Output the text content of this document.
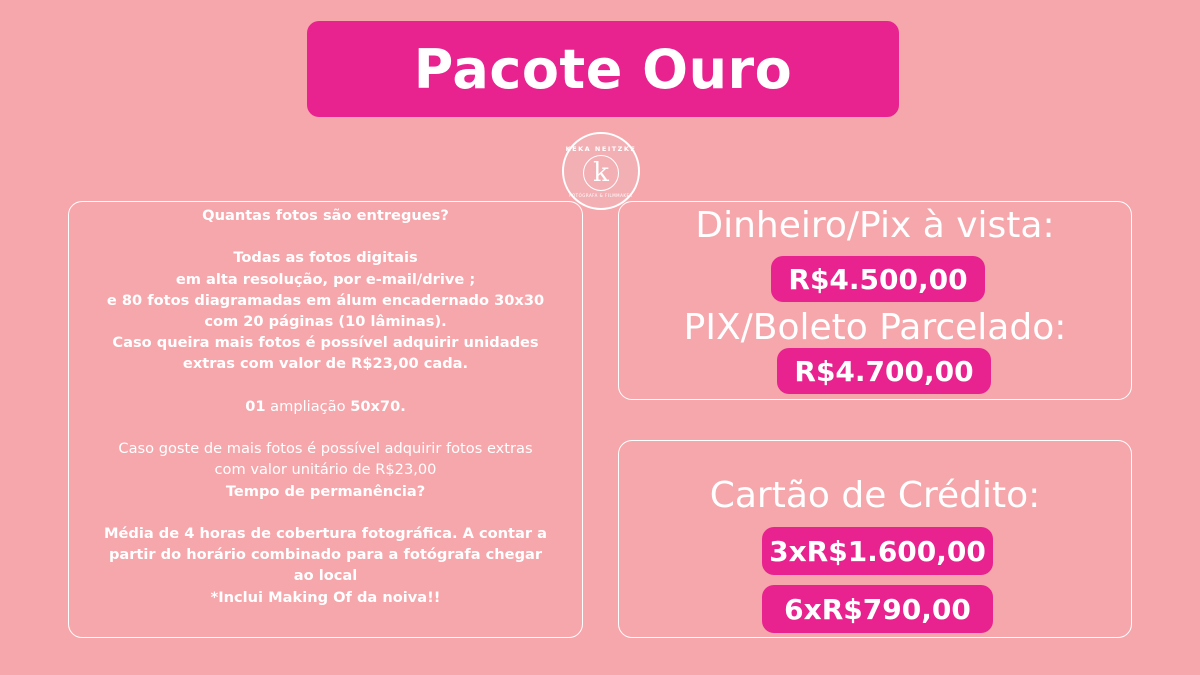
Pacote Ouro
KEKA NEITZKE
k
FOTÓGRAFA & FILMMAKER

Quantas fotos são entregues?

Todas as fotos digitais

em alta resolução, por e-mail/drive ;

e 80 fotos diagramadas em álum encadernado 30x30

com 20 páginas (10 lâminas).

Caso queira mais fotos é possível adquirir unidades

extras com valor de R$23,00 cada.

01 ampliação 50x70.

Caso goste de mais fotos é possível adquirir fotos extras

com valor unitário de R$23,00

Tempo de permanência?

Média de 4 horas de cobertura fotográfica. A contar a

partir do horário combinado para a fotógrafa chegar

ao local

*Inclui Making Of da noiva!!

Dinheiro/Pix à vista:
R$4.500,00
PIX/Boleto Parcelado:
R$4.700,00
Cartão de Crédito:
3xR$1.600,00
6xR$790,00
